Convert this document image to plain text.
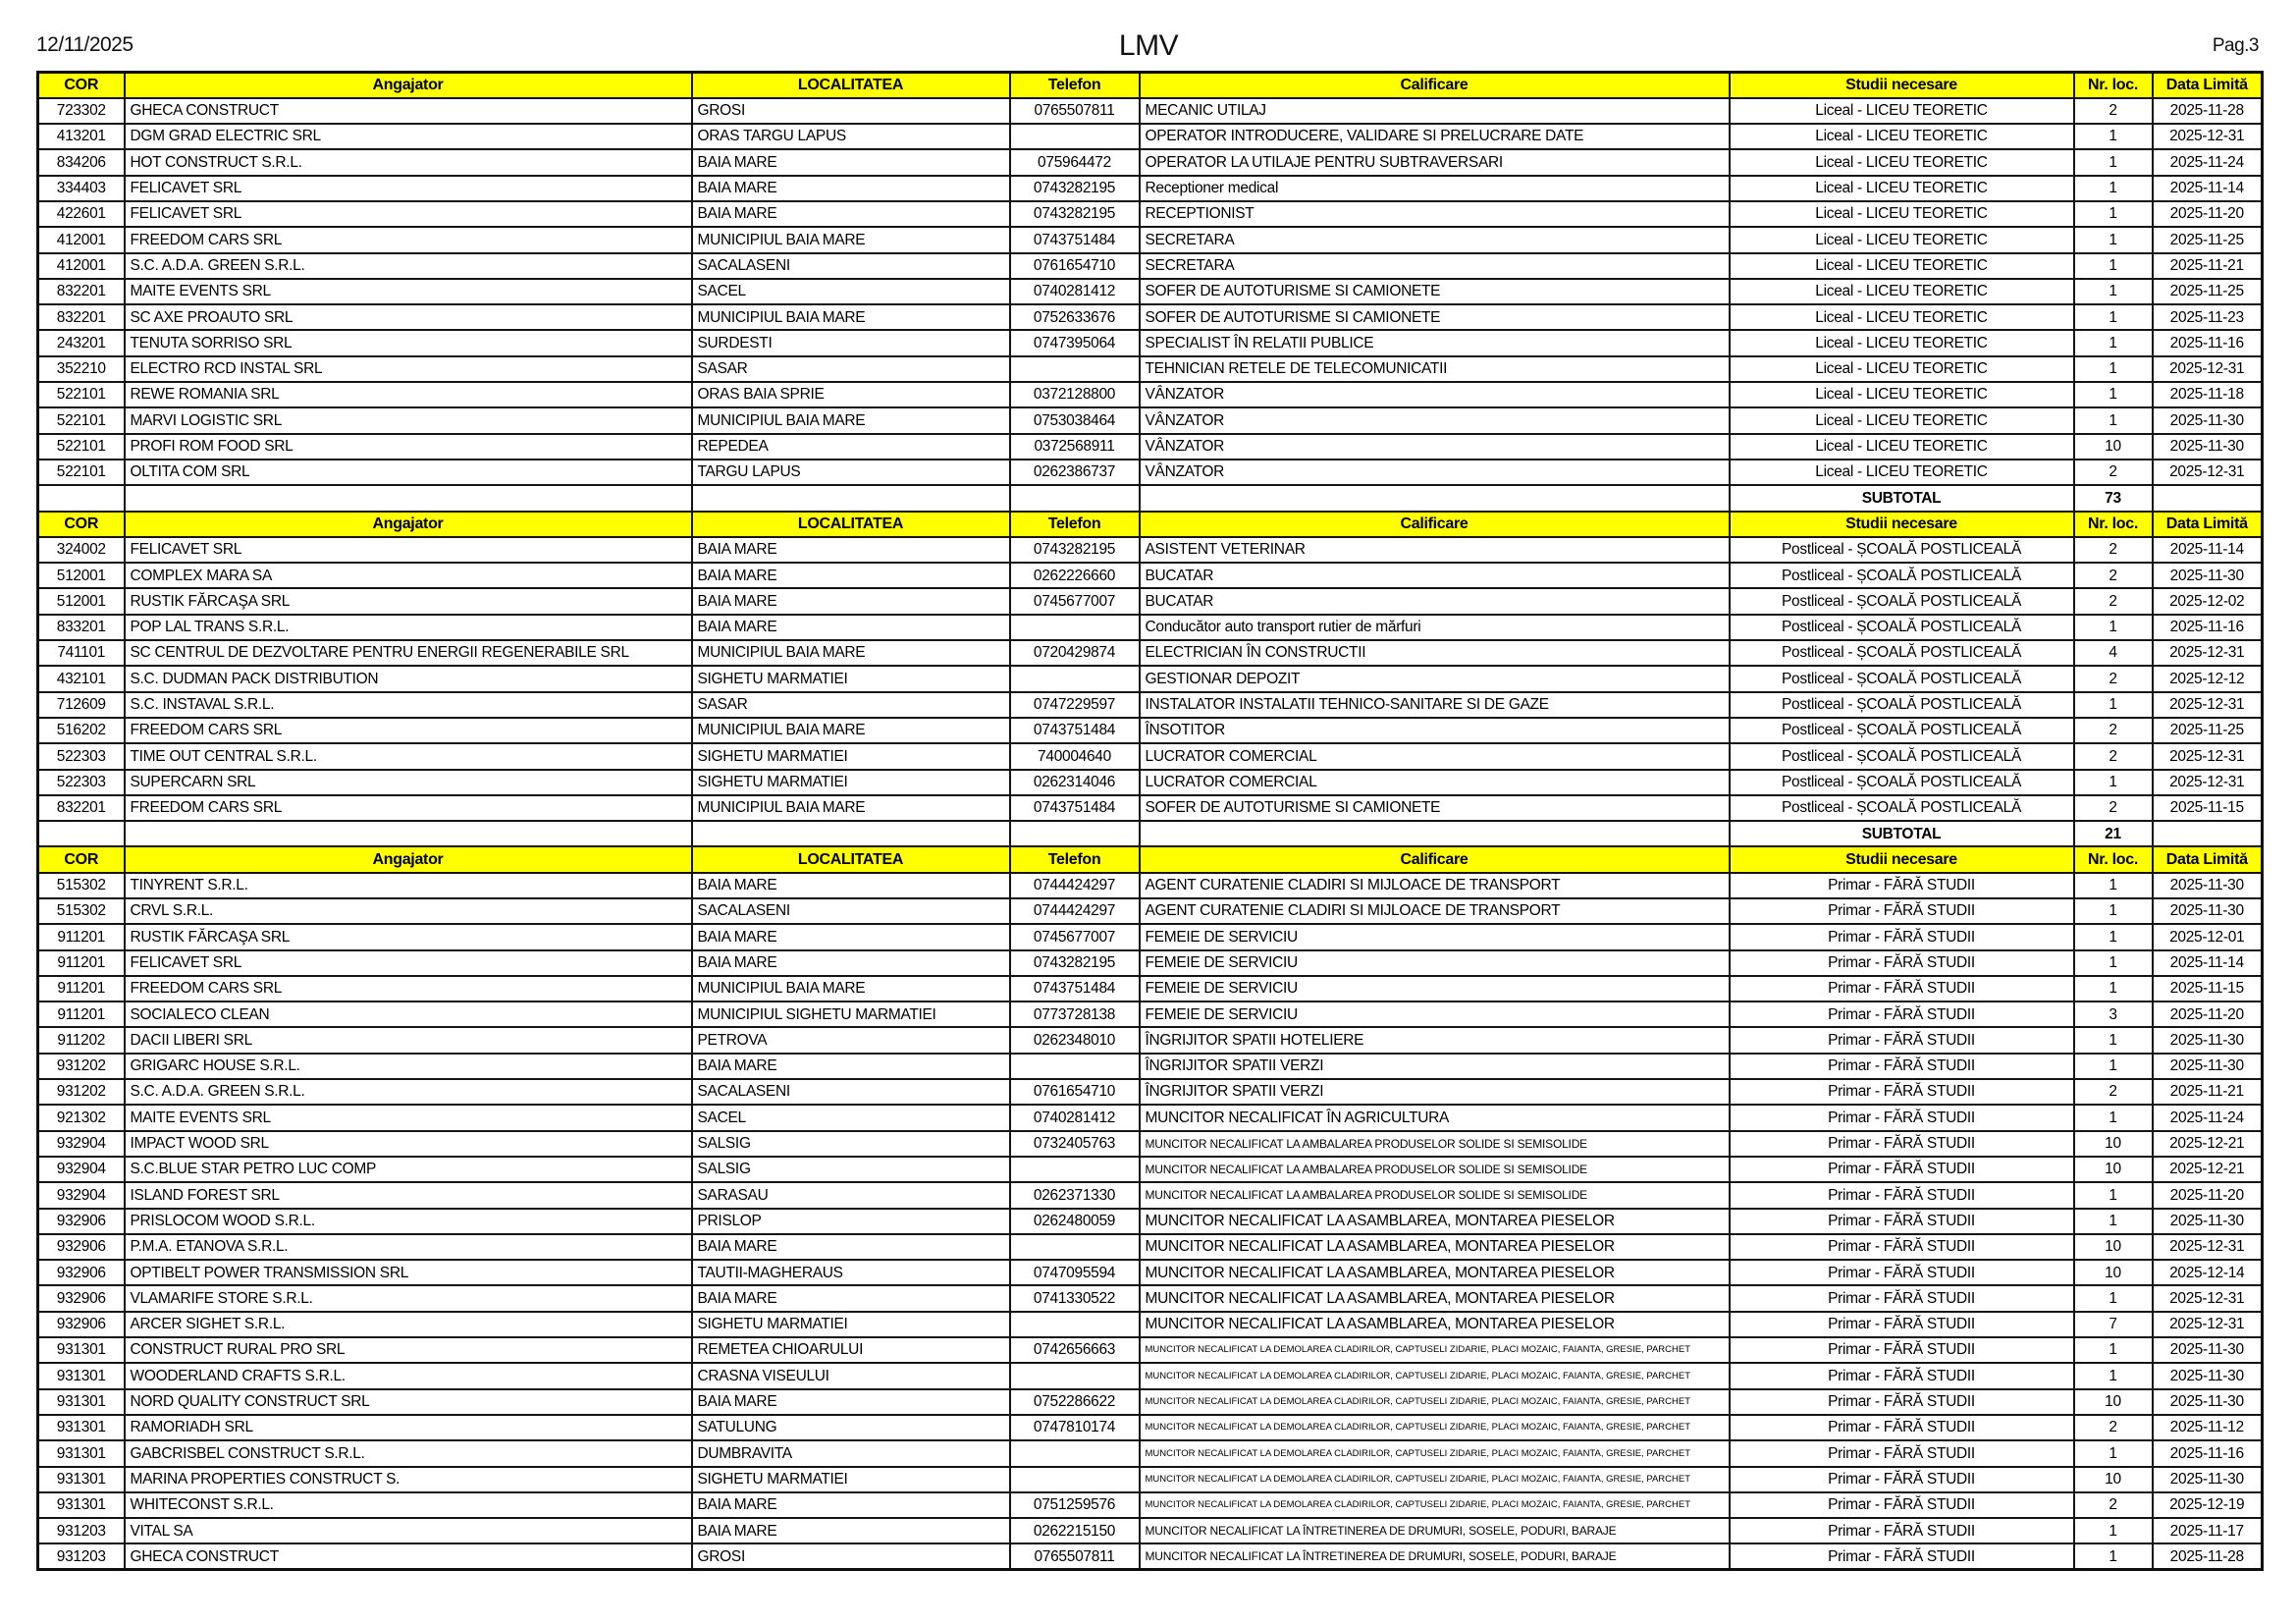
12/11/2025	LMV	Pag.3
COR	Angajator	LOCALITATEA	Telefon	Calificare	Studii necesare	Nr. loc.	Data Limită
723302	GHECA CONSTRUCT	GROSI	0765507811	MECANIC UTILAJ	Liceal - LICEU TEORETIC	2	2025-11-28
413201	DGM GRAD ELECTRIC SRL	ORAS TARGU LAPUS		OPERATOR INTRODUCERE, VALIDARE SI PRELUCRARE DATE	Liceal - LICEU TEORETIC	1	2025-12-31
834206	HOT CONSTRUCT S.R.L.	BAIA MARE	075964472	OPERATOR LA UTILAJE PENTRU SUBTRAVERSARI	Liceal - LICEU TEORETIC	1	2025-11-24
334403	FELICAVET SRL	BAIA MARE	0743282195	Receptioner medical	Liceal - LICEU TEORETIC	1	2025-11-14
422601	FELICAVET SRL	BAIA MARE	0743282195	RECEPTIONIST	Liceal - LICEU TEORETIC	1	2025-11-20
412001	FREEDOM CARS SRL	MUNICIPIUL BAIA MARE	0743751484	SECRETARA	Liceal - LICEU TEORETIC	1	2025-11-25
412001	S.C. A.D.A. GREEN S.R.L.	SACALASENI	0761654710	SECRETARA	Liceal - LICEU TEORETIC	1	2025-11-21
832201	MAITE EVENTS SRL	SACEL	0740281412	SOFER DE AUTOTURISME SI CAMIONETE	Liceal - LICEU TEORETIC	1	2025-11-25
832201	SC AXE PROAUTO SRL	MUNICIPIUL BAIA MARE	0752633676	SOFER DE AUTOTURISME SI CAMIONETE	Liceal - LICEU TEORETIC	1	2025-11-23
243201	TENUTA SORRISO SRL	SURDESTI	0747395064	SPECIALIST ÎN RELATII PUBLICE	Liceal - LICEU TEORETIC	1	2025-11-16
352210	ELECTRO RCD INSTAL SRL	SASAR		TEHNICIAN RETELE DE TELECOMUNICATII	Liceal - LICEU TEORETIC	1	2025-12-31
522101	REWE ROMANIA SRL	ORAS BAIA SPRIE	0372128800	VÂNZATOR	Liceal - LICEU TEORETIC	1	2025-11-18
522101	MARVI LOGISTIC SRL	MUNICIPIUL BAIA MARE	0753038464	VÂNZATOR	Liceal - LICEU TEORETIC	1	2025-11-30
522101	PROFI ROM FOOD SRL	REPEDEA	0372568911	VÂNZATOR	Liceal - LICEU TEORETIC	10	2025-11-30
522101	OLTITA COM SRL	TARGU LAPUS	0262386737	VÂNZATOR	Liceal - LICEU TEORETIC	2	2025-12-31
					SUBTOTAL	73	
COR	Angajator	LOCALITATEA	Telefon	Calificare	Studii necesare	Nr. loc.	Data Limită
324002	FELICAVET SRL	BAIA MARE	0743282195	ASISTENT VETERINAR	Postliceal - ȘCOALĂ POSTLICEALĂ	2	2025-11-14
512001	COMPLEX MARA SA	BAIA MARE	0262226660	BUCATAR	Postliceal - ȘCOALĂ POSTLICEALĂ	2	2025-11-30
512001	RUSTIK FĂRCAŞA SRL	BAIA MARE	0745677007	BUCATAR	Postliceal - ȘCOALĂ POSTLICEALĂ	2	2025-12-02
833201	POP LAL TRANS S.R.L.	BAIA MARE		Conducător auto transport rutier de mărfuri	Postliceal - ȘCOALĂ POSTLICEALĂ	1	2025-11-16
741101	SC CENTRUL DE DEZVOLTARE PENTRU ENERGII REGENERABILE SRL	MUNICIPIUL BAIA MARE	0720429874	ELECTRICIAN ÎN CONSTRUCTII	Postliceal - ȘCOALĂ POSTLICEALĂ	4	2025-12-31
432101	S.C. DUDMAN PACK DISTRIBUTION	SIGHETU MARMATIEI		GESTIONAR DEPOZIT	Postliceal - ȘCOALĂ POSTLICEALĂ	2	2025-12-12
712609	S.C. INSTAVAL S.R.L.	SASAR	0747229597	INSTALATOR INSTALATII TEHNICO-SANITARE SI DE GAZE	Postliceal - ȘCOALĂ POSTLICEALĂ	1	2025-12-31
516202	FREEDOM CARS SRL	MUNICIPIUL BAIA MARE	0743751484	ÎNSOTITOR	Postliceal - ȘCOALĂ POSTLICEALĂ	2	2025-11-25
522303	TIME OUT CENTRAL S.R.L.	SIGHETU MARMATIEI	740004640	LUCRATOR COMERCIAL	Postliceal - ȘCOALĂ POSTLICEALĂ	2	2025-12-31
522303	SUPERCARN SRL	SIGHETU MARMATIEI	0262314046	LUCRATOR COMERCIAL	Postliceal - ȘCOALĂ POSTLICEALĂ	1	2025-12-31
832201	FREEDOM CARS SRL	MUNICIPIUL BAIA MARE	0743751484	SOFER DE AUTOTURISME SI CAMIONETE	Postliceal - ȘCOALĂ POSTLICEALĂ	2	2025-11-15
					SUBTOTAL	21	
COR	Angajator	LOCALITATEA	Telefon	Calificare	Studii necesare	Nr. loc.	Data Limită
515302	TINYRENT S.R.L.	BAIA MARE	0744424297	AGENT CURATENIE CLADIRI SI MIJLOACE DE TRANSPORT	Primar - FĂRĂ STUDII	1	2025-11-30
515302	CRVL S.R.L.	SACALASENI	0744424297	AGENT CURATENIE CLADIRI SI MIJLOACE DE TRANSPORT	Primar - FĂRĂ STUDII	1	2025-11-30
911201	RUSTIK FĂRCAŞA SRL	BAIA MARE	0745677007	FEMEIE DE SERVICIU	Primar - FĂRĂ STUDII	1	2025-12-01
911201	FELICAVET SRL	BAIA MARE	0743282195	FEMEIE DE SERVICIU	Primar - FĂRĂ STUDII	1	2025-11-14
911201	FREEDOM CARS SRL	MUNICIPIUL BAIA MARE	0743751484	FEMEIE DE SERVICIU	Primar - FĂRĂ STUDII	1	2025-11-15
911201	SOCIALECO CLEAN	MUNICIPIUL SIGHETU MARMATIEI	0773728138	FEMEIE DE SERVICIU	Primar - FĂRĂ STUDII	3	2025-11-20
911202	DACII LIBERI SRL	PETROVA	0262348010	ÎNGRIJITOR SPATII HOTELIERE	Primar - FĂRĂ STUDII	1	2025-11-30
931202	GRIGARC HOUSE S.R.L.	BAIA MARE		ÎNGRIJITOR SPATII VERZI	Primar - FĂRĂ STUDII	1	2025-11-30
931202	S.C. A.D.A. GREEN S.R.L.	SACALASENI	0761654710	ÎNGRIJITOR SPATII VERZI	Primar - FĂRĂ STUDII	2	2025-11-21
921302	MAITE EVENTS SRL	SACEL	0740281412	MUNCITOR NECALIFICAT ÎN AGRICULTURA	Primar - FĂRĂ STUDII	1	2025-11-24
932904	IMPACT WOOD SRL	SALSIG	0732405763	MUNCITOR NECALIFICAT LA AMBALAREA PRODUSELOR SOLIDE SI SEMISOLIDE	Primar - FĂRĂ STUDII	10	2025-12-21
932904	S.C.BLUE STAR PETRO LUC COMP	SALSIG		MUNCITOR NECALIFICAT LA AMBALAREA PRODUSELOR SOLIDE SI SEMISOLIDE	Primar - FĂRĂ STUDII	10	2025-12-21
932904	ISLAND FOREST SRL	SARASAU	0262371330	MUNCITOR NECALIFICAT LA AMBALAREA PRODUSELOR SOLIDE SI SEMISOLIDE	Primar - FĂRĂ STUDII	1	2025-11-20
932906	PRISLOCOM WOOD S.R.L.	PRISLOP	0262480059	MUNCITOR NECALIFICAT LA ASAMBLAREA, MONTAREA PIESELOR	Primar - FĂRĂ STUDII	1	2025-11-30
932906	P.M.A. ETANOVA S.R.L.	BAIA MARE		MUNCITOR NECALIFICAT LA ASAMBLAREA, MONTAREA PIESELOR	Primar - FĂRĂ STUDII	10	2025-12-31
932906	OPTIBELT POWER TRANSMISSION SRL	TAUTII-MAGHERAUS	0747095594	MUNCITOR NECALIFICAT LA ASAMBLAREA, MONTAREA PIESELOR	Primar - FĂRĂ STUDII	10	2025-12-14
932906	VLAMARIFE STORE S.R.L.	BAIA MARE	0741330522	MUNCITOR NECALIFICAT LA ASAMBLAREA, MONTAREA PIESELOR	Primar - FĂRĂ STUDII	1	2025-12-31
932906	ARCER SIGHET S.R.L.	SIGHETU MARMATIEI		MUNCITOR NECALIFICAT LA ASAMBLAREA, MONTAREA PIESELOR	Primar - FĂRĂ STUDII	7	2025-12-31
931301	CONSTRUCT RURAL PRO SRL	REMETEA CHIOARULUI	0742656663	MUNCITOR NECALIFICAT LA DEMOLAREA CLADIRILOR, CAPTUSELI ZIDARIE, PLACI MOZAIC, FAIANTA, GRESIE, PARCHET	Primar - FĂRĂ STUDII	1	2025-11-30
931301	WOODERLAND CRAFTS S.R.L.	CRASNA VISEULUI		MUNCITOR NECALIFICAT LA DEMOLAREA CLADIRILOR, CAPTUSELI ZIDARIE, PLACI MOZAIC, FAIANTA, GRESIE, PARCHET	Primar - FĂRĂ STUDII	1	2025-11-30
931301	NORD QUALITY CONSTRUCT SRL	BAIA MARE	0752286622	MUNCITOR NECALIFICAT LA DEMOLAREA CLADIRILOR, CAPTUSELI ZIDARIE, PLACI MOZAIC, FAIANTA, GRESIE, PARCHET	Primar - FĂRĂ STUDII	10	2025-11-30
931301	RAMORIADH SRL	SATULUNG	0747810174	MUNCITOR NECALIFICAT LA DEMOLAREA CLADIRILOR, CAPTUSELI ZIDARIE, PLACI MOZAIC, FAIANTA, GRESIE, PARCHET	Primar - FĂRĂ STUDII	2	2025-11-12
931301	GABCRISBEL CONSTRUCT S.R.L.	DUMBRAVITA		MUNCITOR NECALIFICAT LA DEMOLAREA CLADIRILOR, CAPTUSELI ZIDARIE, PLACI MOZAIC, FAIANTA, GRESIE, PARCHET	Primar - FĂRĂ STUDII	1	2025-11-16
931301	MARINA PROPERTIES CONSTRUCT S.	SIGHETU MARMATIEI		MUNCITOR NECALIFICAT LA DEMOLAREA CLADIRILOR, CAPTUSELI ZIDARIE, PLACI MOZAIC, FAIANTA, GRESIE, PARCHET	Primar - FĂRĂ STUDII	10	2025-11-30
931301	WHITECONST S.R.L.	BAIA MARE	0751259576	MUNCITOR NECALIFICAT LA DEMOLAREA CLADIRILOR, CAPTUSELI ZIDARIE, PLACI MOZAIC, FAIANTA, GRESIE, PARCHET	Primar - FĂRĂ STUDII	2	2025-12-19
931203	VITAL SA	BAIA MARE	0262215150	MUNCITOR NECALIFICAT LA ÎNTRETINEREA DE DRUMURI, SOSELE, PODURI, BARAJE	Primar - FĂRĂ STUDII	1	2025-11-17
931203	GHECA CONSTRUCT	GROSI	0765507811	MUNCITOR NECALIFICAT LA ÎNTRETINEREA DE DRUMURI, SOSELE, PODURI, BARAJE	Primar - FĂRĂ STUDII	1	2025-11-28
